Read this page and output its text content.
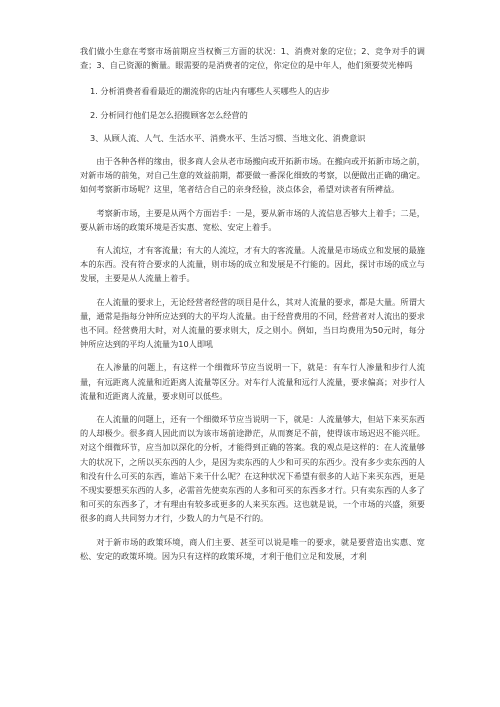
我们做小生意在考察市场前期应当权衡三方面的状况：1、消费对象的定位；2、竞争对手的调查；3、自己资源的衡量。眼需要的是消费者的定位，你定位的是中年人，他们须要荧光棒吗

1. 分析消费者看看最近的潮流你的店址内有哪些人买哪些人的店步

2. 分析同行他们是怎么招揽顾客怎么经营的

3、从顾人流、人气、生活水平、消费水平、生活习惯、当地文化、消费意识

由于各种各样的缘由，很多商人会从老市场搬向或开拓新市场。在搬向或开拓新市场之前，对新市场的前兔，对自己生意的效益前期，都要做一番深化细致的考察，以便做出正确的确定。如何考察新市场呢？这里，笔者结合自己的亲身经验，淡点体会，希望对读者有所裨益。

考察新市场，主要是从两个方面岩手：一是，要从新市场的人流信息否够大上着手；二是，要从新市场的政策环境是否实惠、宽松、安定上着手。

有人流垃，才有客流量；有大的人流垃，才有大的客流量。人流量是市场成立和发展的最施本的东西。没有符合要求的人流量，则市场的成立和发展是不行能的。因此，探讨市场的成立与发展，主要是从人流量上着手。

在人流量的要求上，无论经营者经营的项目是什么，其对人流量的要求，都是大量。所谓大量，通常是指每分钟所应达到的大的平均人流量。由于经营费用的不同，经营者对人流出的要求也不同。经营费用大时，对人流量的要求则大，反之则小。例如，当日均费用为50元时，每分钟所应达到的平均人流量为10人即吼

在人渗量的问题上，有这样一个细微环节应当说明一下，就是：有车行人渗量和步行人流量，有远距离人流量和近距离人流量等区分。对车行人流量和远行人流量，要求偏高；对步行人流量和近距离人流量，要求则可以低些。

在人流量的问题上，还有一个细微环节应当说明一下，就是：人流量够大，但站下来买东西的人却极少。很多商人因此而以为该市场前途渺茫，从而赛足不前，使得该市场迟迟不能兴旺。对这个细微环节，应当加以深化的分析，才能得到正确的答案。我的观点是这样的：在人流量够大的状况下，之所以买东西的人少，是因为卖东西的人少和可买的东西少。没有多少卖东西的人和没有什么可买的东西，谁站下来干什么呢？在这种状况下希望有很多的人站下来买东西，更是不现实要想买东西的人多，必需首先使卖东西的人多和可买的东西多才行。只有卖东西的人多了和可买的东西多了，才有理由有较多或更多的人来买东西。这也就是说，一个市场的兴盛，须要很多的商人共同努力才行，少数人的力气是不行的。

对于新市场的政策环境，商人们主要、甚至可以说是唯一的要求，就是要营造出实惠、宽松、安定的政策环境。因为只有这样的政策环境，才利于他们立足和发展，才利
